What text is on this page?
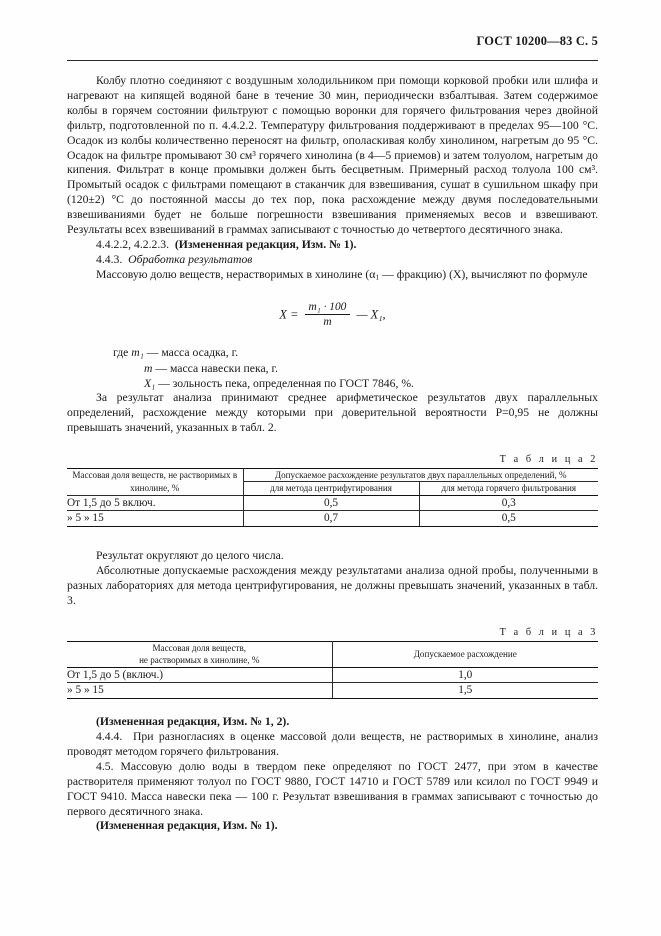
ГОСТ 10200—83 С. 5

Колбу плотно соединяют с воздушным холодильником при помощи корковой пробки или шлифа и нагревают на кипящей водяной бане в течение 30 мин, периодически взбалтывая. Затем содержимое колбы в горячем состоянии фильтруют с помощью воронки для горячего фильтрования через двойной фильтр, подготовленной по п. 4.4.2.2. Температуру фильтрования поддерживают в пределах 95—100 °С. Осадок из колбы количественно переносят на фильтр, ополаскивая колбу хинолином, нагретым до 95 °С. Осадок на фильтре промывают 30 см³ горячего хинолина (в 4—5 приемов) и затем толуолом, нагретым до кипения. Фильтрат в конце промывки должен быть бесцветным. Примерный расход толуола 100 см³. Промытый осадок с фильтрами помещают в стаканчик для взвешивания, сушат в сушильном шкафу при (120±2) °С до постоянной массы до тех пор, пока расхождение между двумя последовательными взвешиваниями будет не больше погрешности взвешивания применяемых весов и взвешивают. Результаты всех взвешиваний в граммах записывают с точностью до четвертого десятичного знака.

4.4.2.2, 4.2.2.3. (Измененная редакция, Изм. № 1).

4.4.3. Обработка результатов

Массовую долю веществ, нерастворимых в хинолине ($\alpha_1$ — фракцию) (X), вычисляют по формуле

$X = \frac{\text{m₁ · 100}}{m}$ — X₁,
где m₁ — масса осадка, г.
m — масса навески пека, г.
X₁ — зольность пека, определенная по ГОСТ 7846, %.

За результат анализа принимают среднее арифметическое результатов двух параллельных определений, расхождение между которыми при доверительной вероятности P=0,95 не должны превышать значений, указанных в табл. 2.

Т а б л и ц а 2
Массовая доля веществ, не растворимых в хинолине, %	Допускаемое расхождение результатов двух параллельных определений, %	
	для метода центрифугирования	для метода горячего фильтрования
От 1,5 до 5 включ.	0,5	0,3
» 5 » 15	0,7	0,5

Результат округляют до целого числа.

Абсолютные допускаемые расхождения между результатами анализа одной пробы, полученными в разных лабораториях для метода центрифугирования, не должны превышать значений, указанных в табл. 3.

Т а б л и ц а 3
Массовая доля веществ,
не растворимых в хинолине, %	Допускаемое расхождение
От 1,5 до 5 (включ.)	1,0
» 5 » 15	1,5

(Измененная редакция, Изм. № 1, 2).

4.4.4. При разногласиях в оценке массовой доли веществ, не растворимых в хинолине, анализ проводят методом горячего фильтрования.

4.5. Массовую долю воды в твердом пеке определяют по ГОСТ 2477, при этом в качестве растворителя применяют толуол по ГОСТ 9880, ГОСТ 14710 и ГОСТ 5789 или ксилол по ГОСТ 9949 и ГОСТ 9410. Масса навески пека — 100 г. Результат взвешивания в граммах записывают с точностью до первого десятичного знака.

(Измененная редакция, Изм. № 1).
